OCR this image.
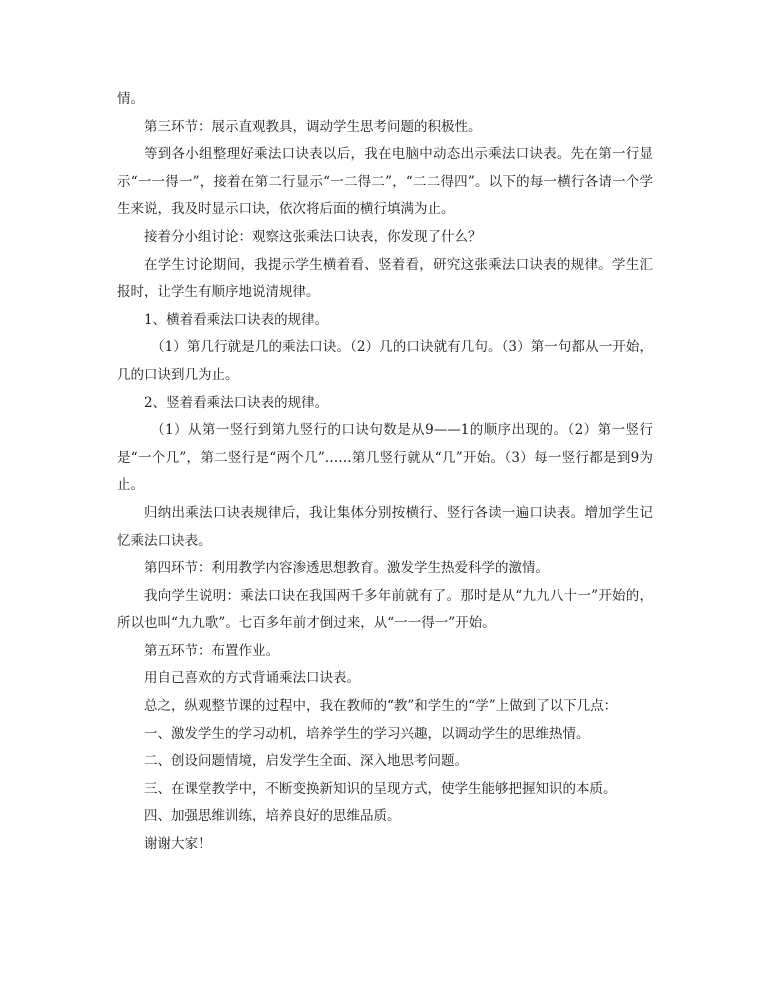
情。

第三环节：展示直观教具，调动学生思考问题的积极性。

等到各小组整理好乘法口诀表以后，我在电脑中动态出示乘法口诀表。先在第一行显示“一一得一”，接着在第二行显示“一二得二”，“二二得四”。以下的每一横行各请一个学生来说，我及时显示口诀，依次将后面的横行填满为止。

接着分小组讨论：观察这张乘法口诀表，你发现了什么？

在学生讨论期间，我提示学生横着看、竖着看，研究这张乘法口诀表的规律。学生汇报时，让学生有顺序地说清规律。

1、横着看乘法口诀表的规律。

（1）第几行就是几的乘法口诀。（2）几的口诀就有几句。（3）第一句都从一开始，几的口诀到几为止。

2、竖着看乘法口诀表的规律。

（1）从第一竖行到第九竖行的口诀句数是从9——1的顺序出现的。（2）第一竖行是“一个几”，第二竖行是“两个几”……第几竖行就从“几”开始。（3）每一竖行都是到9为止。

归纳出乘法口诀表规律后，我让集体分别按横行、竖行各读一遍口诀表。增加学生记忆乘法口诀表。

第四环节：利用教学内容渗透思想教育。激发学生热爱科学的激情。

我向学生说明：乘法口诀在我国两千多年前就有了。那时是从“九九八十一”开始的，所以也叫“九九歌”。七百多年前才倒过来，从“一一得一”开始。

第五环节：布置作业。

用自己喜欢的方式背诵乘法口诀表。

总之，纵观整节课的过程中，我在教师的“教”和学生的“学”上做到了以下几点：

一、激发学生的学习动机，培养学生的学习兴趣，以调动学生的思维热情。

二、创设问题情境，启发学生全面、深入地思考问题。

三、在课堂教学中，不断变换新知识的呈现方式，使学生能够把握知识的本质。

四、加强思维训练，培养良好的思维品质。

谢谢大家！
